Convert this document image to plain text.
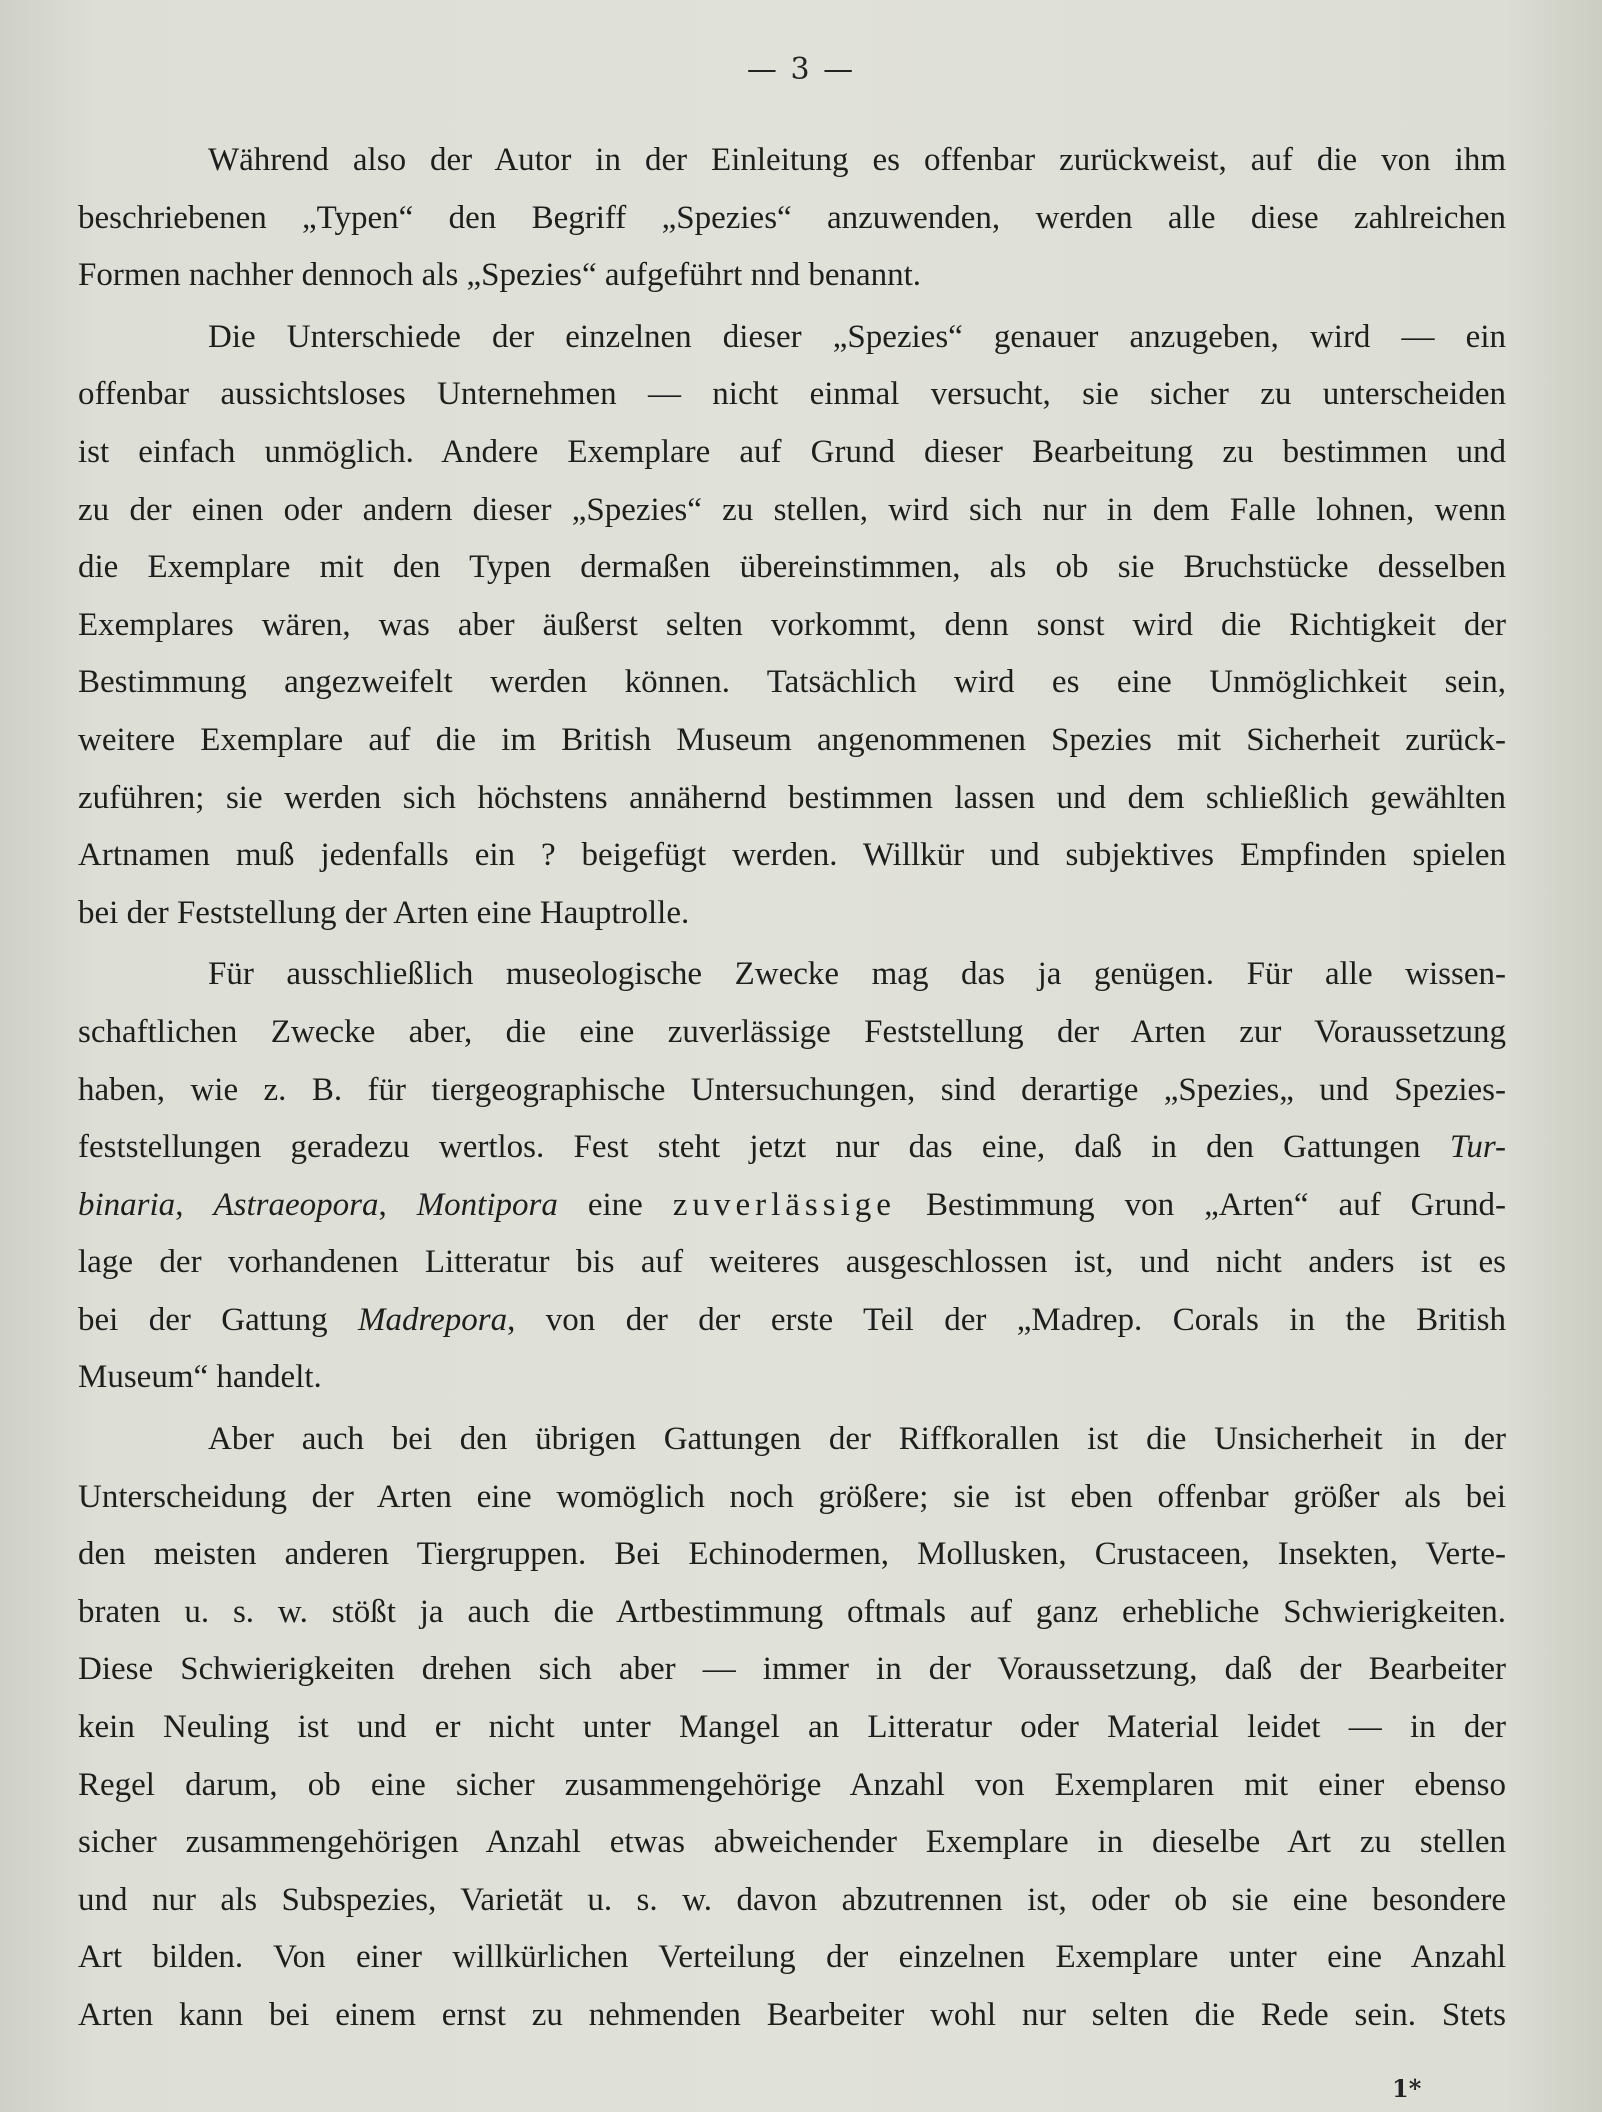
— 3 —

Während also der Autor in der Einleitung es offenbar zurückweist, auf die von ihm
beschriebenen „Typen“ den Begriff „Spezies“ anzuwenden, werden alle diese zahlreichen
Formen nachher dennoch als „Spezies“ aufgeführt nnd benannt.

Die Unterschiede der einzelnen dieser „Spezies“ genauer anzugeben, wird — ein
offenbar aussichtsloses Unternehmen — nicht einmal versucht, sie sicher zu unterscheiden
ist einfach unmöglich. Andere Exemplare auf Grund dieser Bearbeitung zu bestimmen und
zu der einen oder andern dieser „Spezies“ zu stellen, wird sich nur in dem Falle lohnen, wenn
die Exemplare mit den Typen dermaßen übereinstimmen, als ob sie Bruchstücke desselben
Exemplares wären, was aber äußerst selten vorkommt, denn sonst wird die Richtigkeit der
Bestimmung angezweifelt werden können. Tatsächlich wird es eine Unmöglichkeit sein,
weitere Exemplare auf die im British Museum angenommenen Spezies mit Sicherheit zurück-
zuführen; sie werden sich höchstens annähernd bestimmen lassen und dem schließlich gewählten
Artnamen muß jedenfalls ein ? beigefügt werden. Willkür und subjektives Empfinden spielen
bei der Feststellung der Arten eine Hauptrolle.

Für ausschließlich museologische Zwecke mag das ja genügen. Für alle wissen-
schaftlichen Zwecke aber, die eine zuverlässige Feststellung der Arten zur Voraussetzung
haben, wie z. B. für tiergeographische Untersuchungen, sind derartige „Spezies„ und Spezies-
feststellungen geradezu wertlos. Fest steht jetzt nur das eine, daß in den Gattungen Tur-
binaria, Astraeopora, Montipora eine zuverlässige Bestimmung von „Arten“ auf Grund-
lage der vorhandenen Litteratur bis auf weiteres ausgeschlossen ist, und nicht anders ist es
bei der Gattung Madrepora, von der der erste Teil der „Madrep. Corals in the British
Museum“ handelt.

Aber auch bei den übrigen Gattungen der Riffkorallen ist die Unsicherheit in der
Unterscheidung der Arten eine womöglich noch größere; sie ist eben offenbar größer als bei
den meisten anderen Tiergruppen. Bei Echinodermen, Mollusken, Crustaceen, Insekten, Verte-
braten u. s. w. stößt ja auch die Artbestimmung oftmals auf ganz erhebliche Schwierigkeiten.
Diese Schwierigkeiten drehen sich aber — immer in der Voraussetzung, daß der Bearbeiter
kein Neuling ist und er nicht unter Mangel an Litteratur oder Material leidet — in der
Regel darum, ob eine sicher zusammengehörige Anzahl von Exemplaren mit einer ebenso
sicher zusammengehörigen Anzahl etwas abweichender Exemplare in dieselbe Art zu stellen
und nur als Subspezies, Varietät u. s. w. davon abzutrennen ist, oder ob sie eine besondere
Art bilden. Von einer willkürlichen Verteilung der einzelnen Exemplare unter eine Anzahl
Arten kann bei einem ernst zu nehmenden Bearbeiter wohl nur selten die Rede sein. Stets

1*
